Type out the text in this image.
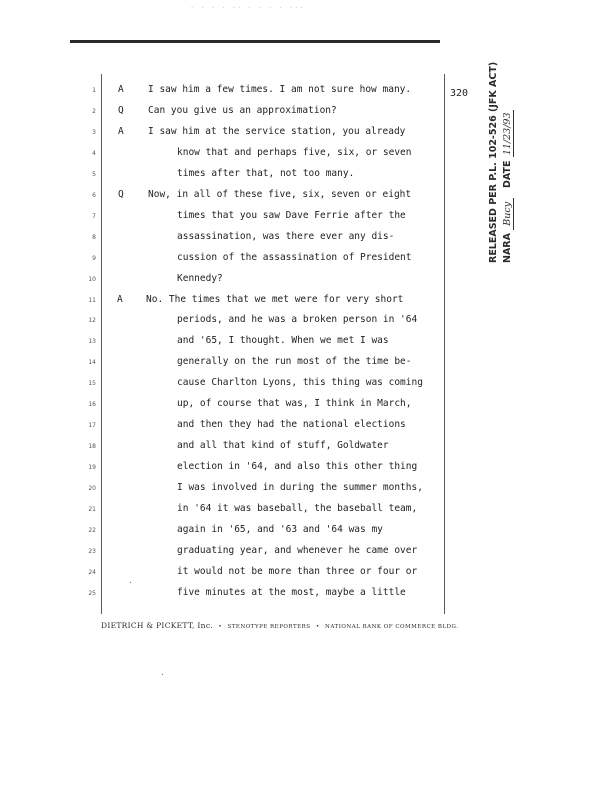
· · · · ·· · · · · ···
320
1 A	I saw him a few times. I am not sure how many.
2 Q	Can you give us an approximation?
3 A	I saw him at the service station, you already
4	know that and perhaps five, six, or seven
5	times after that, not too many.
6 Q	Now, in all of these five, six, seven or eight
7	times that you saw Dave Ferrie after the
8	assassination, was there ever any dis-
9	cussion of the assassination of President
10	Kennedy?
11 A No. The times that we met were for very short
12	periods, and he was a broken person in '64
13	and '65, I thought. When we met I was
14	generally on the run most of the time be-
15	cause Charlton Lyons, this thing was coming
16	up, of course that was, I think in March,
17	and then they had the national elections
18	and all that kind of stuff, Goldwater
19	election in '64, and also this other thing
20	I was involved in during the summer months,
21	in '64 it was baseball, the baseball team,
22	again in '65, and '63 and '64 was my
23	graduating year, and whenever he came over
24	it would not be more than three or four or
25	five minutes at the most, maybe a little
·
·
DIETRICH & PICKETT, Inc. • STENOTYPE REPORTERS • NATIONAL BANK OF COMMERCE BLDG.
RELEASED PER P.L. 102-526 (JFK ACT) NARA Bucy   DATE 11/23/93
